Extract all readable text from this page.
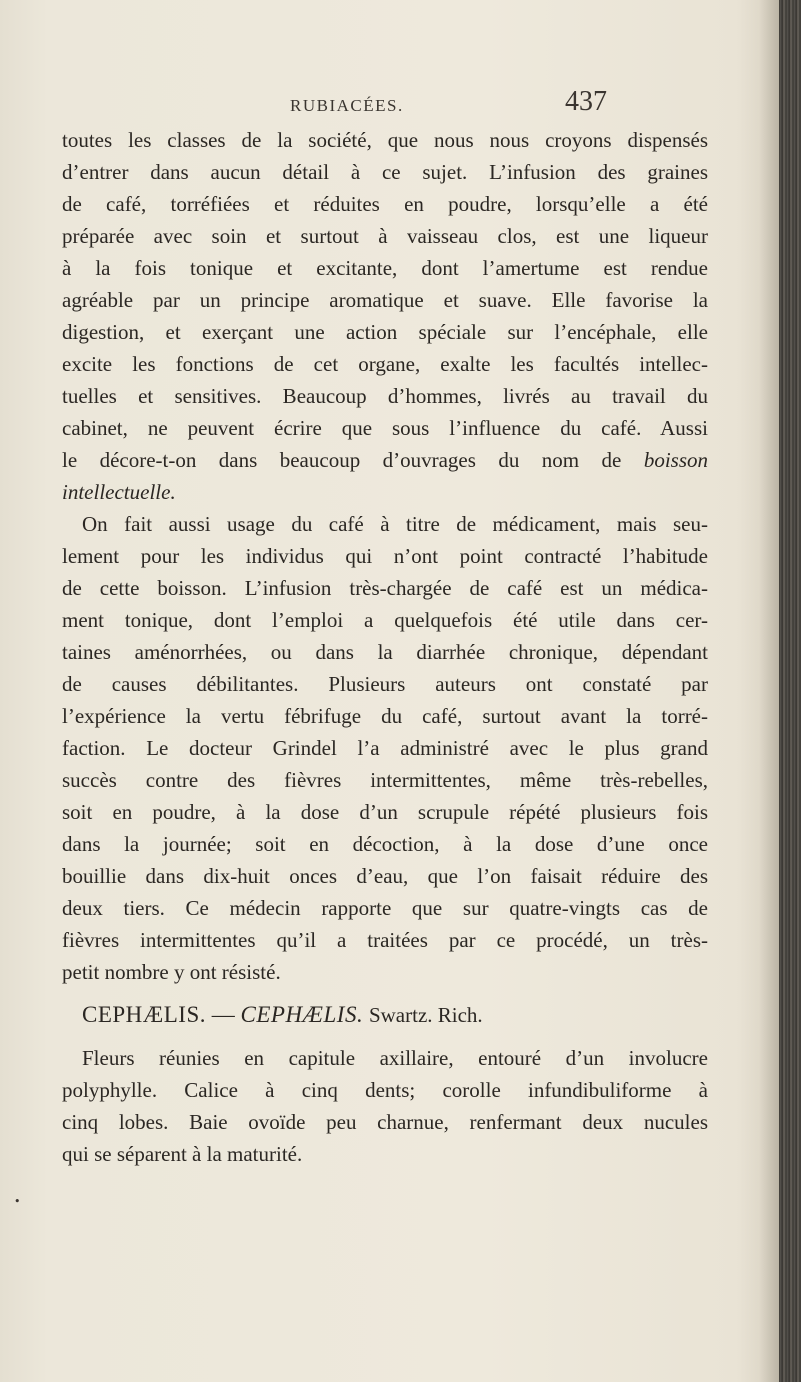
RUBIACÉES.	437
toutes les classes de la société, que nous nous croyons dispensés
d’entrer dans aucun détail à ce sujet. L’infusion des graines
de café, torréfiées et réduites en poudre, lorsqu’elle a été
préparée avec soin et surtout à vaisseau clos, est une liqueur
à la fois tonique et excitante, dont l’amertume est rendue
agréable par un principe aromatique et suave. Elle favorise la
digestion, et exerçant une action spéciale sur l’encéphale, elle
excite les fonctions de cet organe, exalte les facultés intellec-
tuelles et sensitives. Beaucoup d’hommes, livrés au travail du
cabinet, ne peuvent écrire que sous l’influence du café. Aussi
le décore-t-on dans beaucoup d’ouvrages du nom de boisson
intellectuelle.
On fait aussi usage du café à titre de médicament, mais seu-
lement pour les individus qui n’ont point contracté l’habitude
de cette boisson. L’infusion très-chargée de café est un médica-
ment tonique, dont l’emploi a quelquefois été utile dans cer-
taines aménorrhées, ou dans la diarrhée chronique, dépendant
de causes débilitantes. Plusieurs auteurs ont constaté par
l’expérience la vertu fébrifuge du café, surtout avant la torré-
faction. Le docteur Grindel l’a administré avec le plus grand
succès contre des fièvres intermittentes, même très-rebelles,
soit en poudre, à la dose d’un scrupule répété plusieurs fois
dans la journée; soit en décoction, à la dose d’une once
bouillie dans dix-huit onces d’eau, que l’on faisait réduire des
deux tiers. Ce médecin rapporte que sur quatre-vingts cas de
fièvres intermittentes qu’il a traitées par ce procédé, un très-
petit nombre y ont résisté.
CEPHÆLIS. — CEPHÆLIS. Swartz. Rich.
Fleurs réunies en capitule axillaire, entouré d’un involucre
polyphylle. Calice à cinq dents; corolle infundibuliforme à
cinq lobes. Baie ovoïde peu charnue, renfermant deux nucules
qui se séparent à la maturité.
•
